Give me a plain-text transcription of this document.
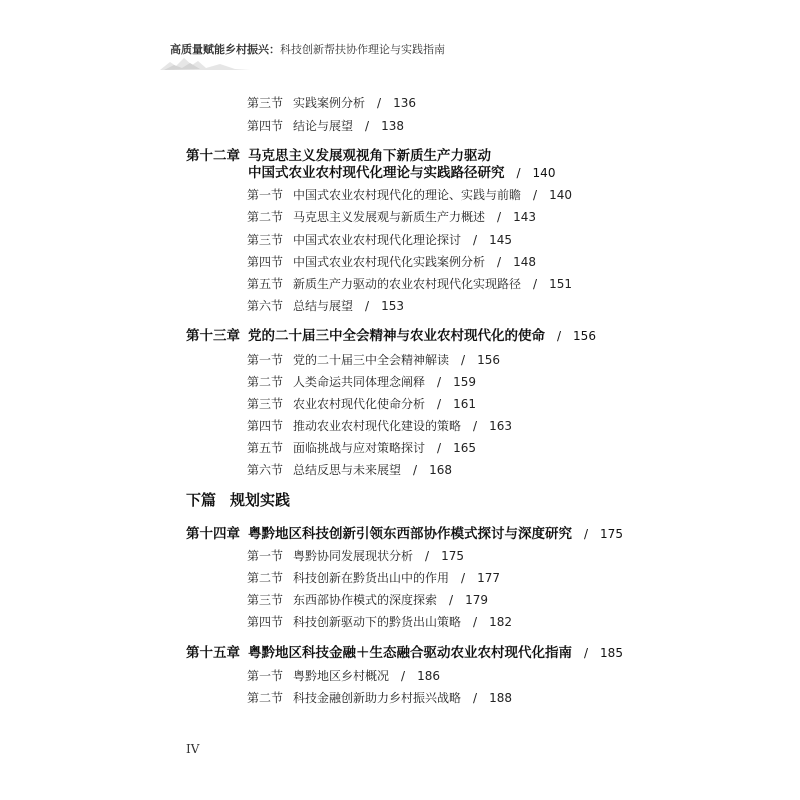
高质量赋能乡村振兴：科技创新帮扶协作理论与实践指南
第三节 实践案例分析 / 136
第四节 结论与展望 / 138
第十二章 马克思主义发展观视角下新质生产力驱动
中国式农业农村现代化理论与实践路径研究 / 140
第一节 中国式农业农村现代化的理论、实践与前瞻 / 140
第二节 马克思主义发展观与新质生产力概述 / 143
第三节 中国式农业农村现代化理论探讨 / 145
第四节 中国式农业农村现代化实践案例分析 / 148
第五节 新质生产力驱动的农业农村现代化实现路径 / 151
第六节 总结与展望 / 153
第十三章 党的二十届三中全会精神与农业农村现代化的使命 / 156
第一节 党的二十届三中全会精神解读 / 156
第二节 人类命运共同体理念阐释 / 159
第三节 农业农村现代化使命分析 / 161
第四节 推动农业农村现代化建设的策略 / 163
第五节 面临挑战与应对策略探讨 / 165
第六节 总结反思与未来展望 / 168
下篇 规划实践
第十四章 粤黔地区科技创新引领东西部协作模式探讨与深度研究 / 175
第一节 粤黔协同发展现状分析 / 175
第二节 科技创新在黔货出山中的作用 / 177
第三节 东西部协作模式的深度探索 / 179
第四节 科技创新驱动下的黔货出山策略 / 182
第十五章 粤黔地区科技金融＋生态融合驱动农业农村现代化指南 / 185
第一节 粤黔地区乡村概况 / 186
第二节 科技金融创新助力乡村振兴战略 / 188
IV
